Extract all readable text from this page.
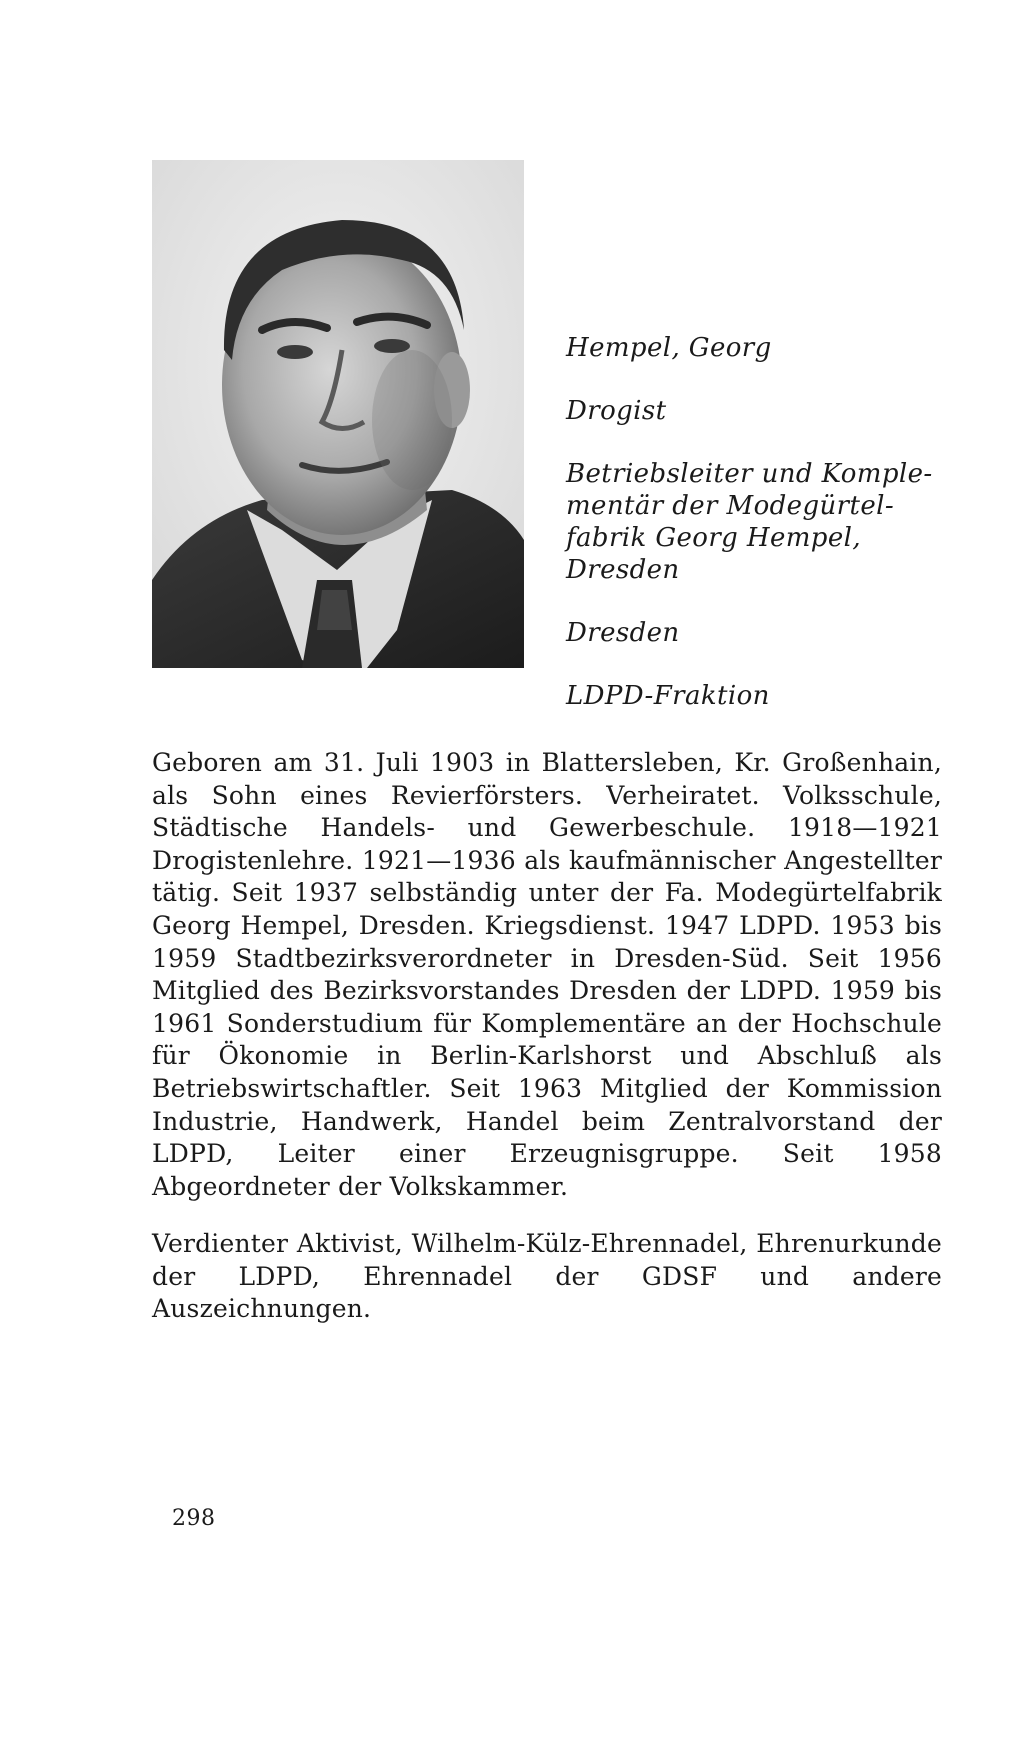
Hempel, Georg
Drogist
Betriebsleiter und Komple-
mentär der Modegürtel-
fabrik Georg Hempel,
Dresden
Dresden
LDPD-Fraktion

Geboren am 31. Juli 1903 in Blattersleben, Kr. Großenhain, als Sohn eines Revierförsters. Verheiratet. Volksschule, Städtische Handels- und Gewerbeschule. 1918—1921 Drogistenlehre. 1921—1936 als kaufmännischer Angestellter tätig. Seit 1937 selbständig unter der Fa. Modegürtelfabrik Georg Hempel, Dresden. Kriegsdienst. 1947 LDPD. 1953 bis 1959 Stadtbezirksverordneter in Dresden-Süd. Seit 1956 Mitglied des Bezirksvorstandes Dresden der LDPD. 1959 bis 1961 Sonderstudium für Komplementäre an der Hochschule für Ökonomie in Berlin-Karlshorst und Abschluß als Betriebswirtschaftler. Seit 1963 Mitglied der Kommission Industrie, Handwerk, Handel beim Zentralvorstand der LDPD, Leiter einer Erzeugnisgruppe. Seit 1958 Abgeordneter der Volkskammer.

Verdienter Aktivist, Wilhelm-Külz-Ehrennadel, Ehrenurkunde der LDPD, Ehrennadel der GDSF und andere Auszeichnungen.

298
